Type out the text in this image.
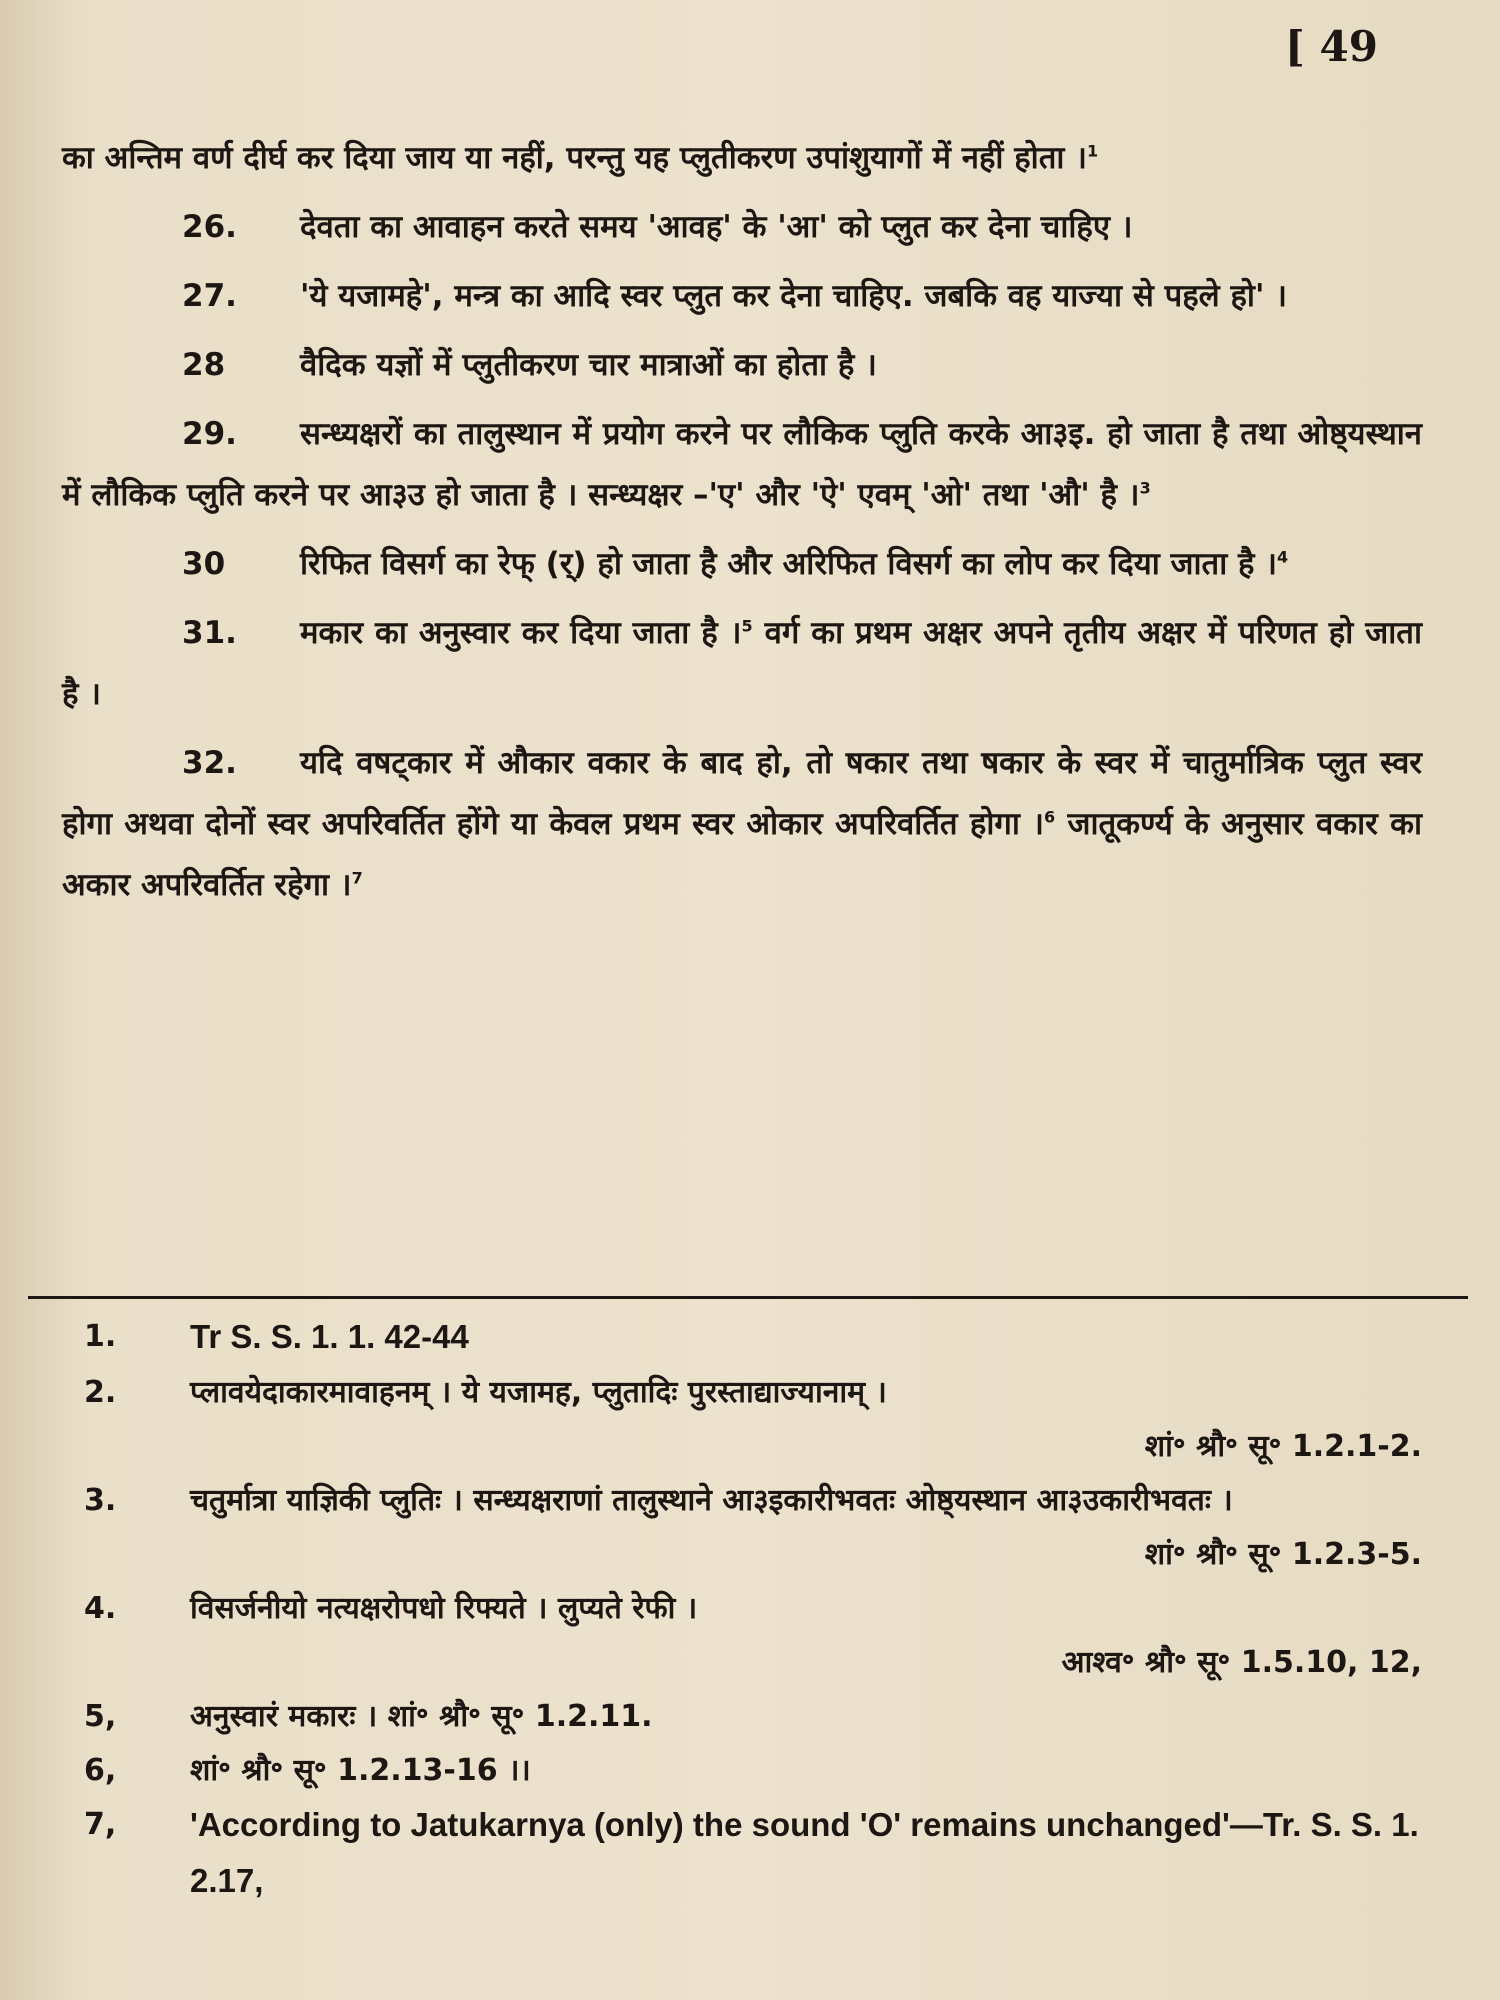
[ 49

का अन्तिम वर्ण दीर्घ कर दिया जाय या नहीं, परन्तु यह प्लुतीकरण उपांशुयागों में नहीं होता ।$^1$

26. देवता का आवाहन करते समय 'आवह' के 'आ' को प्लुत कर देना चाहिए ।

27. 'ये यजामहे', मन्त्र का आदि स्वर प्लुत कर देना चाहिए. जबकि वह याज्या से पहले हो' ।

28 वैदिक यज्ञों में प्लुतीकरण चार मात्राओं का होता है ।

29. सन्ध्यक्षरों का तालुस्थान में प्रयोग करने पर लौकिक प्लुति करके आ३इ. हो जाता है तथा ओष्ठ्यस्थान में लौकिक प्लुति करने पर आ३उ हो जाता है । सन्ध्यक्षर –'ए' और 'ऐ' एवम् 'ओ' तथा 'औ' है ।$^3$

30 रिफित विसर्ग का रेफ् (र्) हो जाता है और अरिफित विसर्ग का लोप कर दिया जाता है ।$^4$

31. मकार का अनुस्वार कर दिया जाता है ।$^5$ वर्ग का प्रथम अक्षर अपने तृतीय अक्षर में परिणत हो जाता है ।

32. यदि वषट्कार में औकार वकार के बाद हो, तो षकार तथा षकार के स्वर में चातुर्मात्रिक प्लुत स्वर होगा अथवा दोनों स्वर अपरिवर्तित होंगे या केवल प्रथम स्वर ओकार अपरिवर्तित होगा ।$^6$ जातूकर्ण्य के अनुसार वकार का अकार अपरिवर्तित रहेगा ।$^7$

1. Tr S. S. 1. 1. 42-44
2. प्लावयेदाकारमावाहनम् । ये यजामह, प्लुतादिः पुरस्ताद्याज्यानाम् ।
शां॰ श्रौ॰ सू॰ 1.2.1-2.
3. चतुर्मात्रा याज्ञिकी प्लुतिः । सन्ध्यक्षराणां तालुस्थाने आ३इकारीभवतः ओष्ठ्यस्थान आ३उकारीभवतः ।
शां॰ श्रौ॰ सू॰ 1.2.3-5.
4. विसर्जनीयो नत्यक्षरोपधो रिफ्यते । लुप्यते रेफी ।
आश्व॰ श्रौ॰ सू॰ 1.5.10, 12,
5, अनुस्वारं मकारः । शां॰ श्रौ॰ सू॰ 1.2.11.
6, शां॰ श्रौ॰ सू॰ 1.2.13-16 ।।
7, 'According to Jatukarnya (only) the sound 'O' remains unchanged'—Tr. S. S. 1. 2.17,
